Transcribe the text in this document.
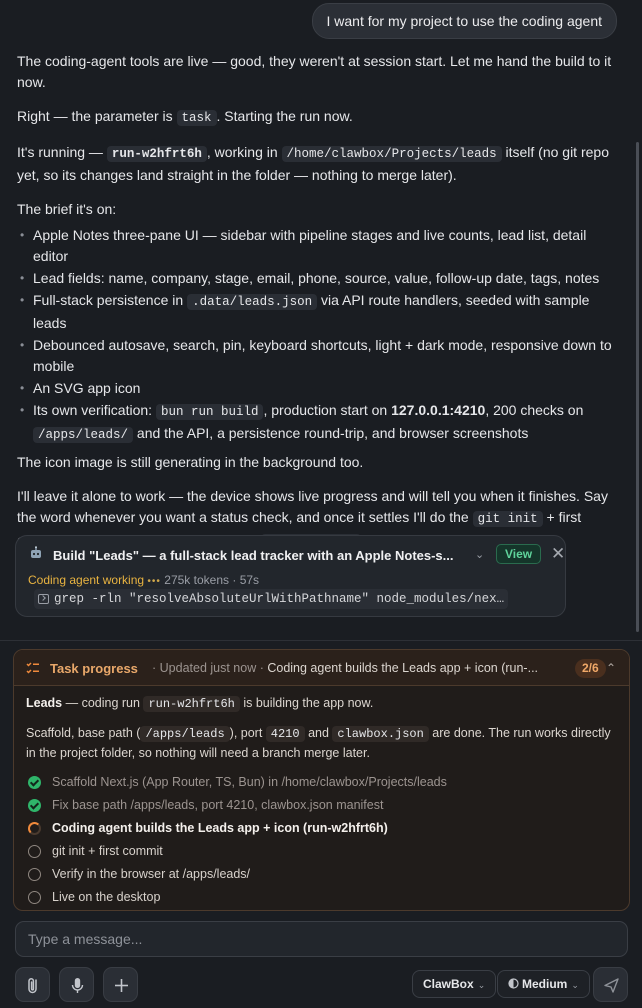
I want for my project to use the coding agent

The coding-agent tools are live — good, they weren't at session start. Let me hand the build to it now.

Right — the parameter is task . Starting the run now.

It's running — run-w2hfrt6h , working in /home/clawbox/Projects/leads itself (no git repo yet, so its changes land straight in the folder — nothing to merge later).

The brief it's on:

• Apple Notes three-pane UI — sidebar with pipeline stages and live counts, lead list, detail editor
• Lead fields: name, company, stage, email, phone, source, value, follow-up date, tags, notes
• Full-stack persistence in .data/leads.json via API route handlers, seeded with sample leads
• Debounced autosave, search, pin, keyboard shortcuts, light + dark mode, responsive down to mobile
• An SVG app icon
• Its own verification: bun run build , production start on 127.0.0.1:4210, 200 checks on /apps/leads/ and the API, a persistence round-trip, and browser screenshots

The icon image is still generating in the background too.

I'll leave it alone to work — the device shows live progress and will tell you when it finishes. Say the word whenever you want a status check, and once it settles I'll do the git init + first

Build "Leads" — a full-stack lead tracker with an Apple Notes-s...	⌄	View	✕
Coding agent working ••• 275k tokens · 57s
grep -rln "resolveAbsoluteUrlWithPathname" node_modules/nex…
Task progress · Updated just now · Coding agent builds the Leads app + icon (run-...	2/6 ⌃

Leads — coding run run-w2hfrt6h is building the app now.

Scaffold, base path ( /apps/leads ), port 4210 and clawbox.json are done. The run works directly in the project folder, so nothing will need a branch merge later.

Scaffold Next.js (App Router, TS, Bun) in /home/clawbox/Projects/leads
Fix base path /apps/leads, port 4210, clawbox.json manifest
Coding agent builds the Leads app + icon (run-w2hfrt6h)
git init + first commit
Verify in the browser at /apps/leads/
Live on the desktop
Type a message...
ClawBox ⌄	Medium ⌄
